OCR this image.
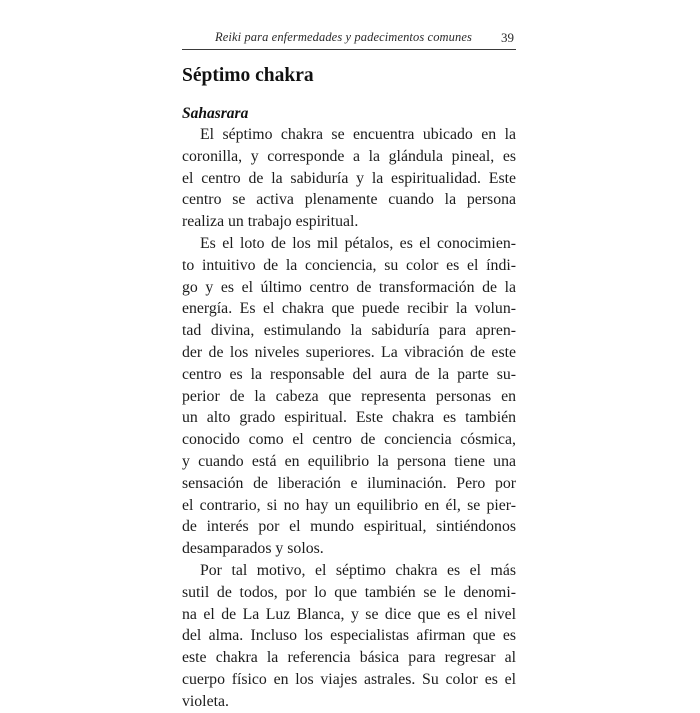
Reiki para enfermedades y padecimentos comunes 39
Séptimo chakra
Sahasrara
El séptimo chakra se encuentra ubicado en la
coronilla, y corresponde a la glándula pineal, es
el centro de la sabiduría y la espiritualidad. Este
centro se activa plenamente cuando la persona
realiza un trabajo espiritual.
Es el loto de los mil pétalos, es el conocimien-
to intuitivo de la conciencia, su color es el índi-
go y es el último centro de transformación de la
energía. Es el chakra que puede recibir la volun-
tad divina, estimulando la sabiduría para apren-
der de los niveles superiores. La vibración de este
centro es la responsable del aura de la parte su-
perior de la cabeza que representa personas en
un alto grado espiritual. Este chakra es también
conocido como el centro de conciencia cósmica,
y cuando está en equilibrio la persona tiene una
sensación de liberación e iluminación. Pero por
el contrario, si no hay un equilibrio en él, se pier-
de interés por el mundo espiritual, sintiéndonos
desamparados y solos.
Por tal motivo, el séptimo chakra es el más
sutil de todos, por lo que también se le denomi-
na el de La Luz Blanca, y se dice que es el nivel
del alma. Incluso los especialistas afirman que es
este chakra la referencia básica para regresar al
cuerpo físico en los viajes astrales. Su color es el
violeta.
